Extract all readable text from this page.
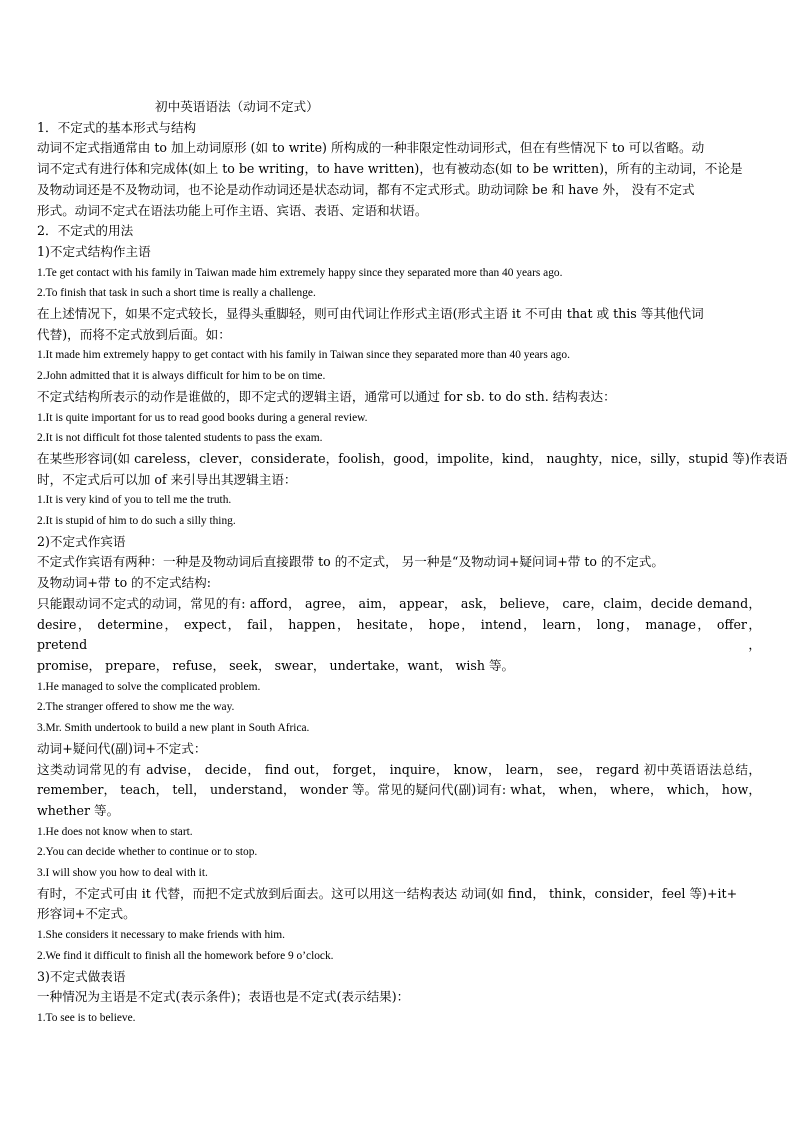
初中英语语法（动词不定式）

1．不定式的基本形式与结构

动词不定式指通常由 to 加上动词原形 (如 to write) 所构成的一种非限定性动词形式，但在有些情况下 to 可以省略。动

词不定式有进行体和完成体(如上 to be writing，to have written)，也有被动态(如 to be written)，所有的主动词，不论是

及物动词还是不及物动词，也不论是动作动词还是状态动词，都有不定式形式。助动词除 be 和 have 外， 没有不定式

形式。动词不定式在语法功能上可作主语、宾语、表语、定语和状语。

2．不定式的用法

1)不定式结构作主语

1.Te get contact with his family in Taiwan made him extremely happy since they separated more than 40 years ago.

2.To finish that task in such a short time is really a challenge.

在上述情况下，如果不定式较长，显得头重脚轻，则可由代词让作形式主语(形式主语 it 不可由 that 或 this 等其他代词

代替)，而将不定式放到后面。如：

1.It made him extremely happy to get contact with his family in Taiwan since they separated more than 40 years ago.

2.John admitted that it is always difficult for him to be on time.

不定式结构所表示的动作是谁做的，即不定式的逻辑主语，通常可以通过 for sb. to do sth. 结构表达：

1.It is quite important for us to read good books during a general review.

2.It is not difficult fot those talented students to pass the exam.

在某些形容词(如 careless，clever，considerate，foolish，good，impolite，kind， naughty，nice，silly，stupid 等)作表语

时，不定式后可以加 of 来引导出其逻辑主语：

1.It is very kind of you to tell me the truth.

2.It is stupid of him to do such a silly thing.

2)不定式作宾语

不定式作宾语有两种：一种是及物动词后直接跟带 to 的不定式， 另一种是“及物动词+疑问词+带 to 的不定式。

及物动词+带 to 的不定式结构:

只能跟动词不定式的动词，常见的有: afford， agree， aim， appear， ask， believe， care，claim，decide demand，

desire， determine， expect， fail， happen， hesitate， hope， intend， learn， long， manage， offer， pretend，

promise， prepare， refuse， seek， swear， undertake，want， wish 等。

1.He managed to solve the complicated problem.

2.The stranger offered to show me the way.

3.Mr. Smith undertook to build a new plant in South Africa.

动词+疑问代(副)词+不定式：

这类动词常见的有 advise， decide， find out， forget， inquire， know， learn， see， regard 初中英语语法总结，

remember， teach， tell， understand， wonder 等。常见的疑问代(副)词有: what， when， where， which， how，

whether 等。

1.He does not know when to start.

2.You can decide whether to continue or to stop.

3.I will show you how to deal with it.

有时，不定式可由 it 代替，而把不定式放到后面去。这可以用这一结构表达 动词(如 find， think，consider，feel 等)+it+

形容词+不定式。

1.She considers it necessary to make friends with him.

2.We find it difficult to finish all the homework before 9 o’clock.

3)不定式做表语

一种情况为主语是不定式(表示条件)；表语也是不定式(表示结果)：

1.To see is to believe.
